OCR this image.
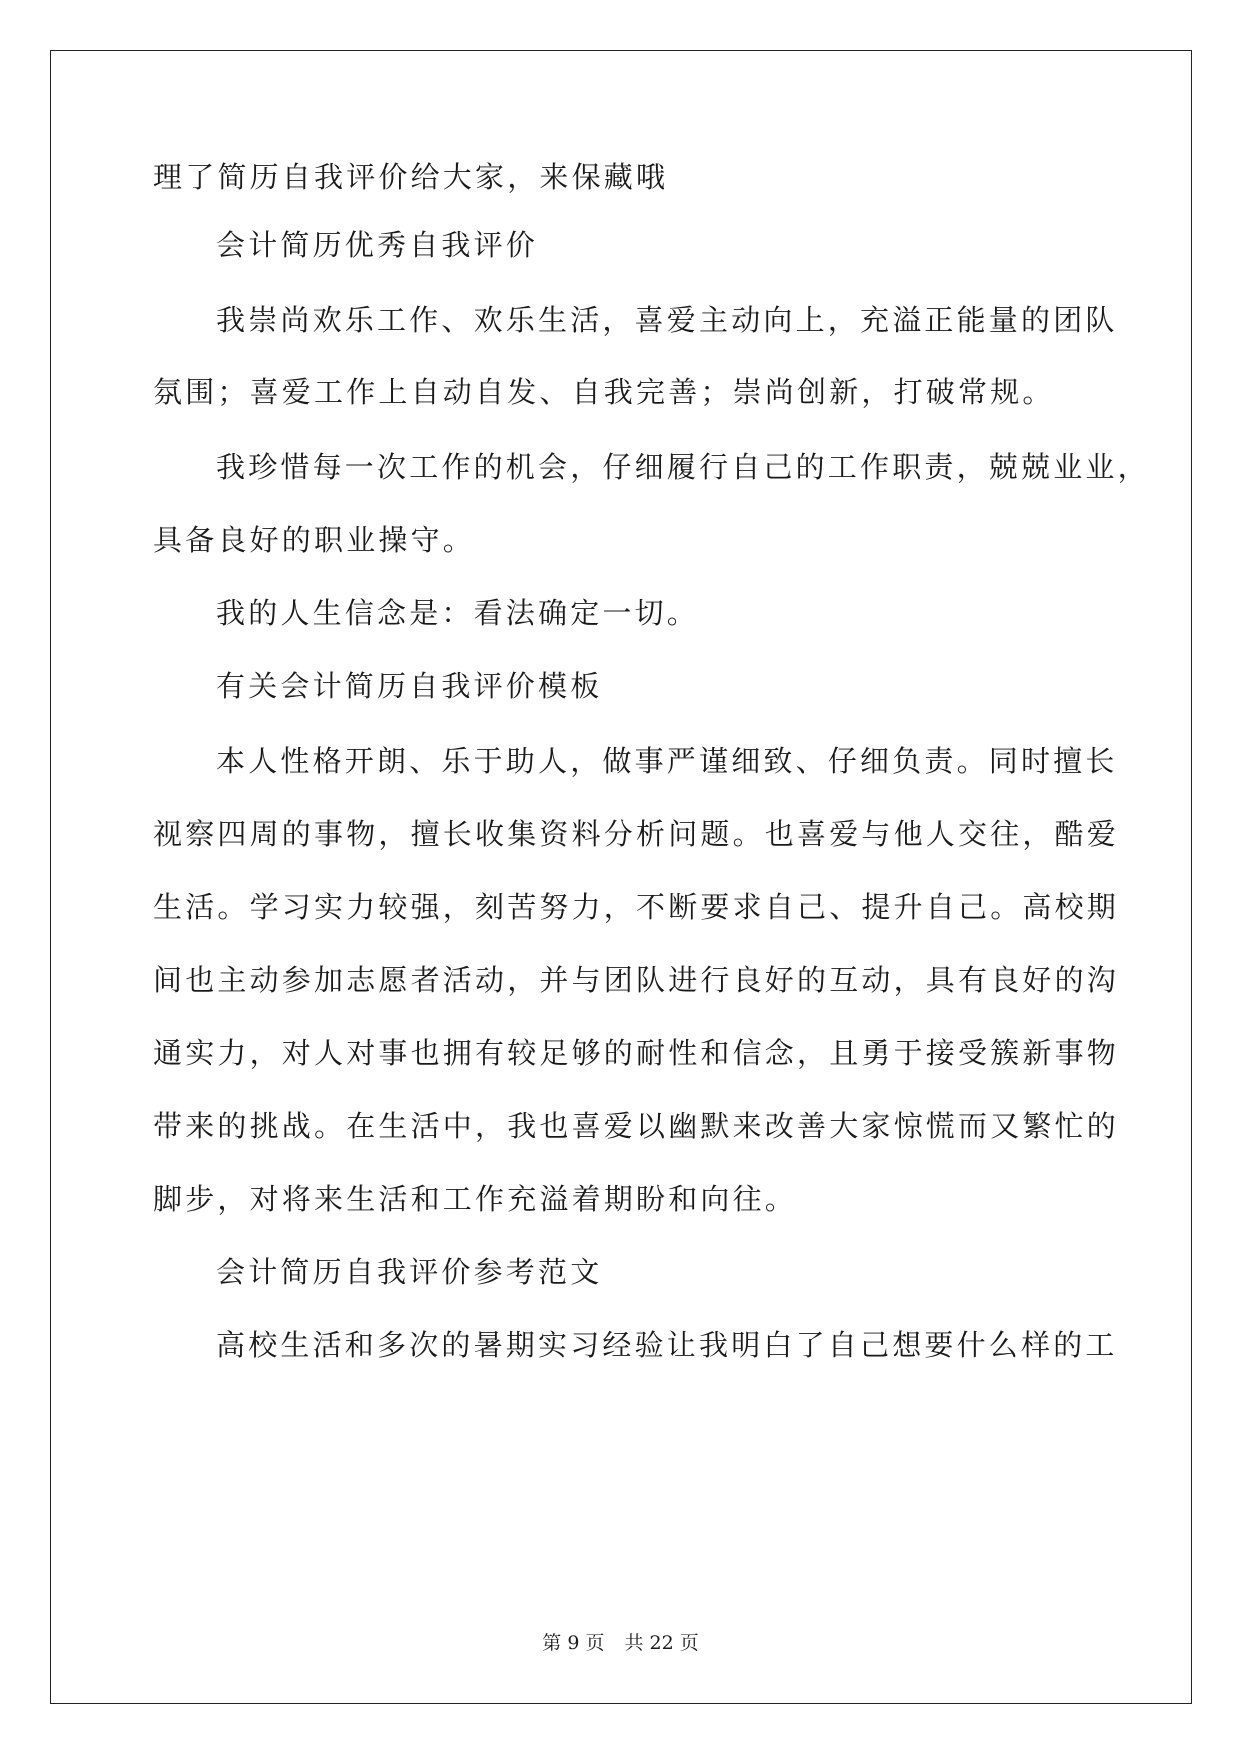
理了简历自我评价给大家，来保藏哦
会计简历优秀自我评价
我崇尚欢乐工作、欢乐生活，喜爱主动向上，充溢正能量的团队
氛围；喜爱工作上自动自发、自我完善；崇尚创新，打破常规。
我珍惜每一次工作的机会，仔细履行自己的工作职责，兢兢业业，
具备良好的职业操守。
我的人生信念是：看法确定一切。
有关会计简历自我评价模板
本人性格开朗、乐于助人，做事严谨细致、仔细负责。同时擅长
视察四周的事物，擅长收集资料分析问题。也喜爱与他人交往，酷爱
生活。学习实力较强，刻苦努力，不断要求自己、提升自己。高校期
间也主动参加志愿者活动，并与团队进行良好的互动，具有良好的沟
通实力，对人对事也拥有较足够的耐性和信念，且勇于接受簇新事物
带来的挑战。在生活中，我也喜爱以幽默来改善大家惊慌而又繁忙的
脚步，对将来生活和工作充溢着期盼和向往。
会计简历自我评价参考范文
高校生活和多次的暑期实习经验让我明白了自己想要什么样的工
第 9 页 共 22 页
